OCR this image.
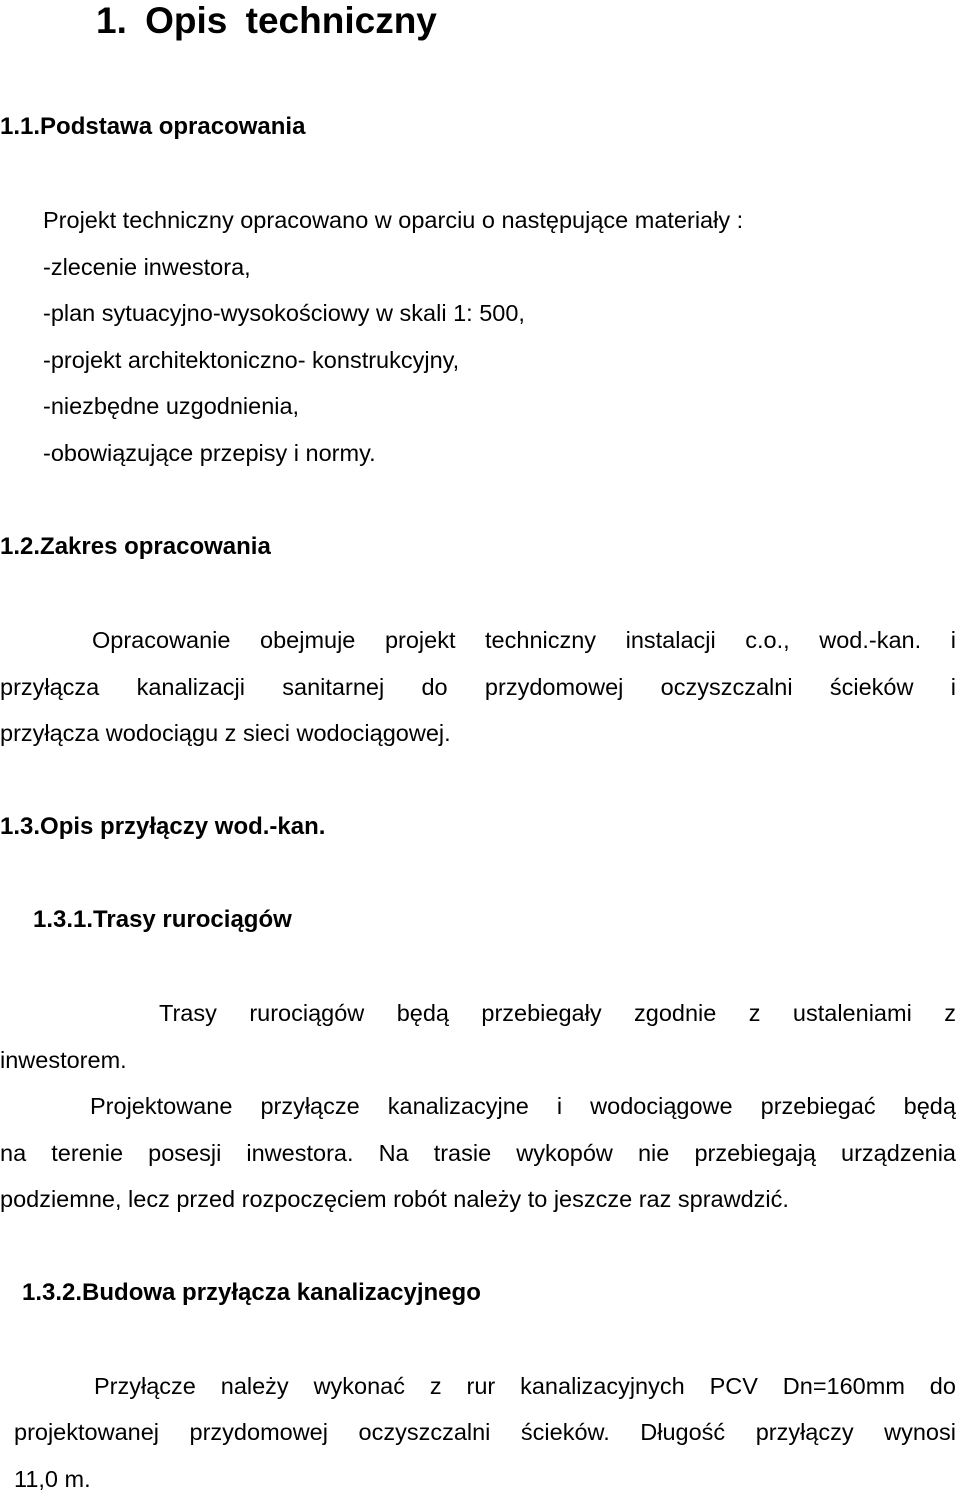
1. Opis techniczny
1.1.Podstawa opracowania

Projekt techniczny opracowano w oparciu o następujące materiały :

-zlecenie inwestora,

-plan sytuacyjno-wysokościowy w skali 1: 500,

-projekt architektoniczno- konstrukcyjny,

-niezbędne uzgodnienia,

-obowiązujące przepisy i normy.

1.2.Zakres opracowania
Opracowanie obejmuje projekt techniczny instalacji c.o., wod.-kan. i
przyłącza kanalizacji sanitarnej do przydomowej oczyszczalni ścieków i

przyłącza wodociągu z sieci wodociągowej.

1.3.Opis przyłączy wod.-kan.
1.3.1.Trasy rurociągów
Trasy rurociągów będą przebiegały zgodnie z ustaleniami z

inwestorem.

Projektowane przyłącze kanalizacyjne i wodociągowe przebiegać będą
na terenie posesji inwestora. Na trasie wykopów nie przebiegają urządzenia

podziemne, lecz przed rozpoczęciem robót należy to jeszcze raz sprawdzić.

1.3.2.Budowa przyłącza kanalizacyjnego
Przyłącze należy wykonać z rur kanalizacyjnych PCV Dn=160mm do
projektowanej przydomowej oczyszczalni ścieków. Długość przyłączy wynosi

11,0 m.
